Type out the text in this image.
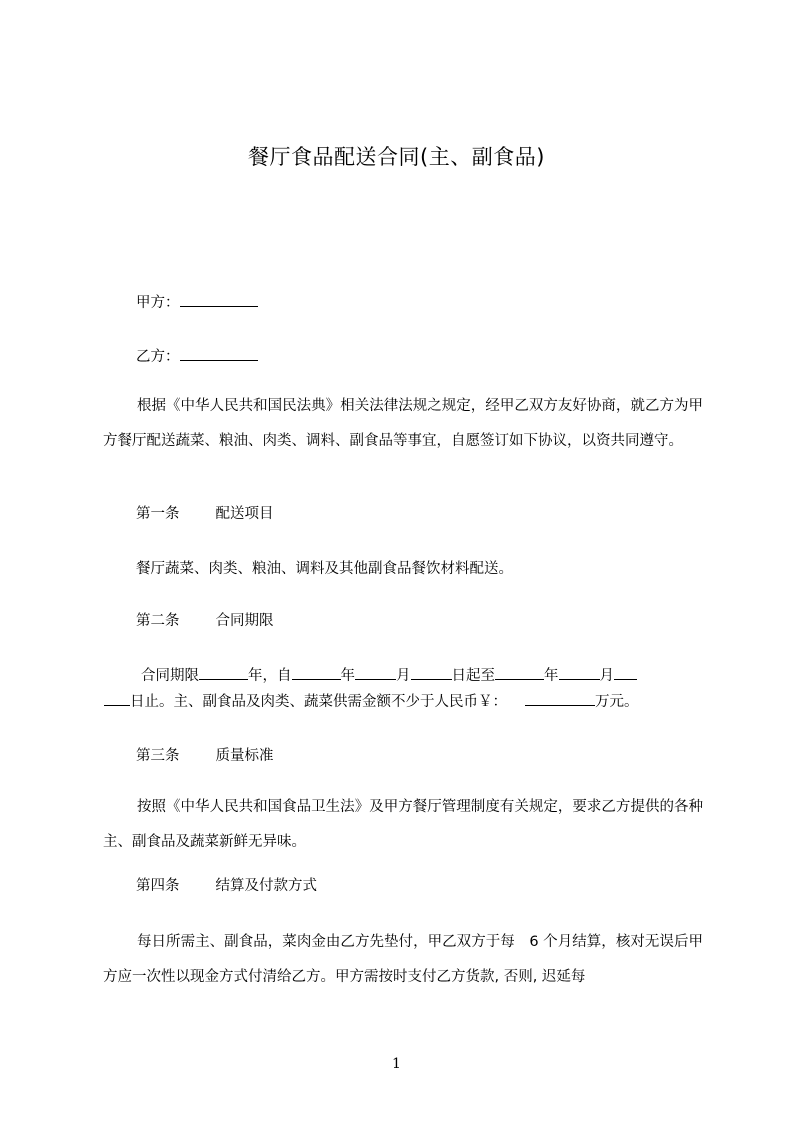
餐厅食品配送合同(主、副食品)

甲方：

乙方：

根据《中华人民共和国民法典》相关法律法规之规定，经甲乙双方友好协商，就乙方为甲方餐厅配送蔬菜、粮油、肉类、调料、副食品等事宜，自愿签订如下协议，以资共同遵守。

第一条 配送项目

餐厅蔬菜、肉类、粮油、调料及其他副食品餐饮材料配送。

第二条 合同期限

合同期限	年，自	年	月	日起至	年	月

日止。主、副食品及肉类、蔬菜供需金额不少于人民币￥：	万元。

第三条 质量标准

按照《中华人民共和国食品卫生法》及甲方餐厅管理制度有关规定，要求乙方提供的各种主、副食品及蔬菜新鲜无异味。

第四条 结算及付款方式

每日所需主、副食品，菜肉金由乙方先垫付，甲乙双方于每　6 个月结算，核对无误后甲方应一次性以现金方式付清给乙方。甲方需按时支付乙方货款, 否则, 迟延每

1
